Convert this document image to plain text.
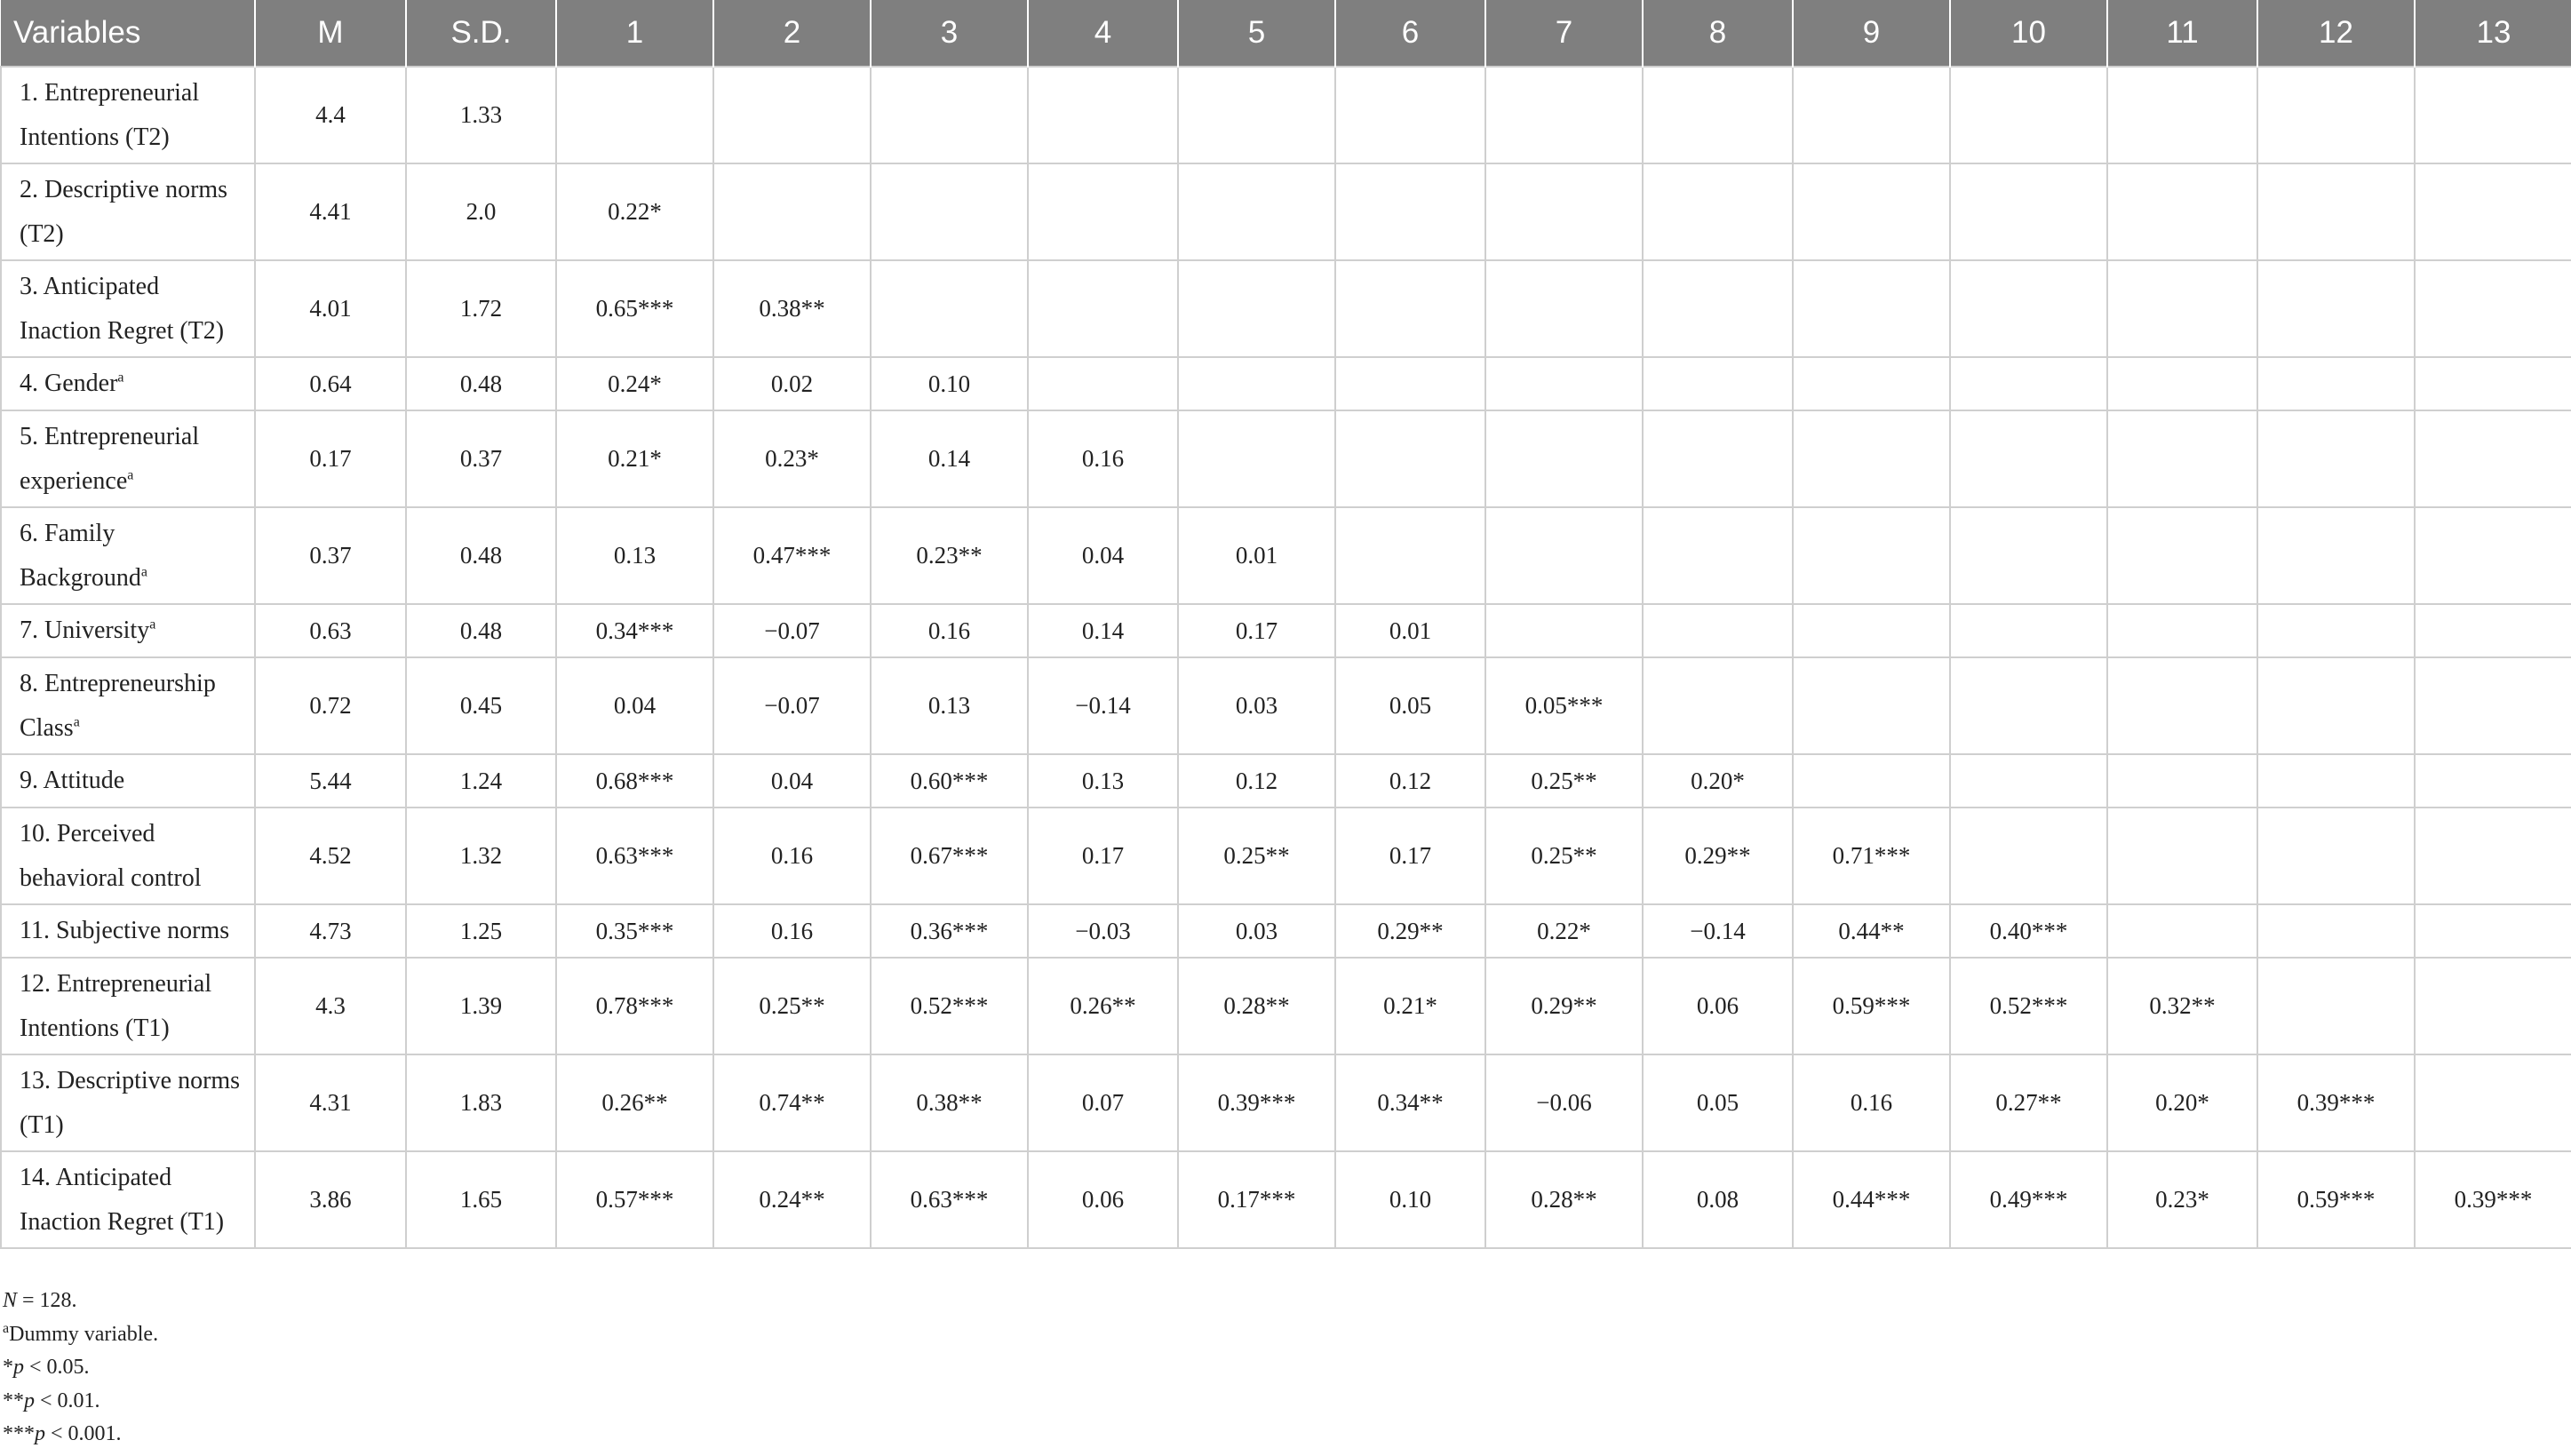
Variables	M	S.D.	1	2	3	4	5	6	7	8	9	10	11	12	13
1. Entrepreneurial Intentions (T2)	4.4	1.33													
2. Descriptive norms (T2)	4.41	2.0	0.22*												
3. Anticipated Inaction Regret (T2)	4.01	1.72	0.65***	0.38**											
4. Gender$^a$	0.64	0.48	0.24*	0.02	0.10										
5. Entrepreneurial experience$^a$	0.17	0.37	0.21*	0.23*	0.14	0.16									
6. Family Background$^a$	0.37	0.48	0.13	0.47***	0.23**	0.04	0.01								
7. University$^a$	0.63	0.48	0.34***	−0.07	0.16	0.14	0.17	0.01							
8. Entrepreneurship Class$^a$	0.72	0.45	0.04	−0.07	0.13	−0.14	0.03	0.05	0.05***						
9. Attitude	5.44	1.24	0.68***	0.04	0.60***	0.13	0.12	0.12	0.25**	0.20*					
10. Perceived behavioral control	4.52	1.32	0.63***	0.16	0.67***	0.17	0.25**	0.17	0.25**	0.29**	0.71***				
11. Subjective norms	4.73	1.25	0.35***	0.16	0.36***	−0.03	0.03	0.29**	0.22*	−0.14	0.44**	0.40***			
12. Entrepreneurial Intentions (T1)	4.3	1.39	0.78***	0.25**	0.52***	0.26**	0.28**	0.21*	0.29**	0.06	0.59***	0.52***	0.32**		
13. Descriptive norms (T1)	4.31	1.83	0.26**	0.74**	0.38**	0.07	0.39***	0.34**	−0.06	0.05	0.16	0.27**	0.20*	0.39***	
14. Anticipated Inaction Regret (T1)	3.86	1.65	0.57***	0.24**	0.63***	0.06	0.17***	0.10	0.28**	0.08	0.44***	0.49***	0.23*	0.59***	0.39***
N = 128.
$^a$Dummy variable.
*p < 0.05.
**p < 0.01.
***p < 0.001.
